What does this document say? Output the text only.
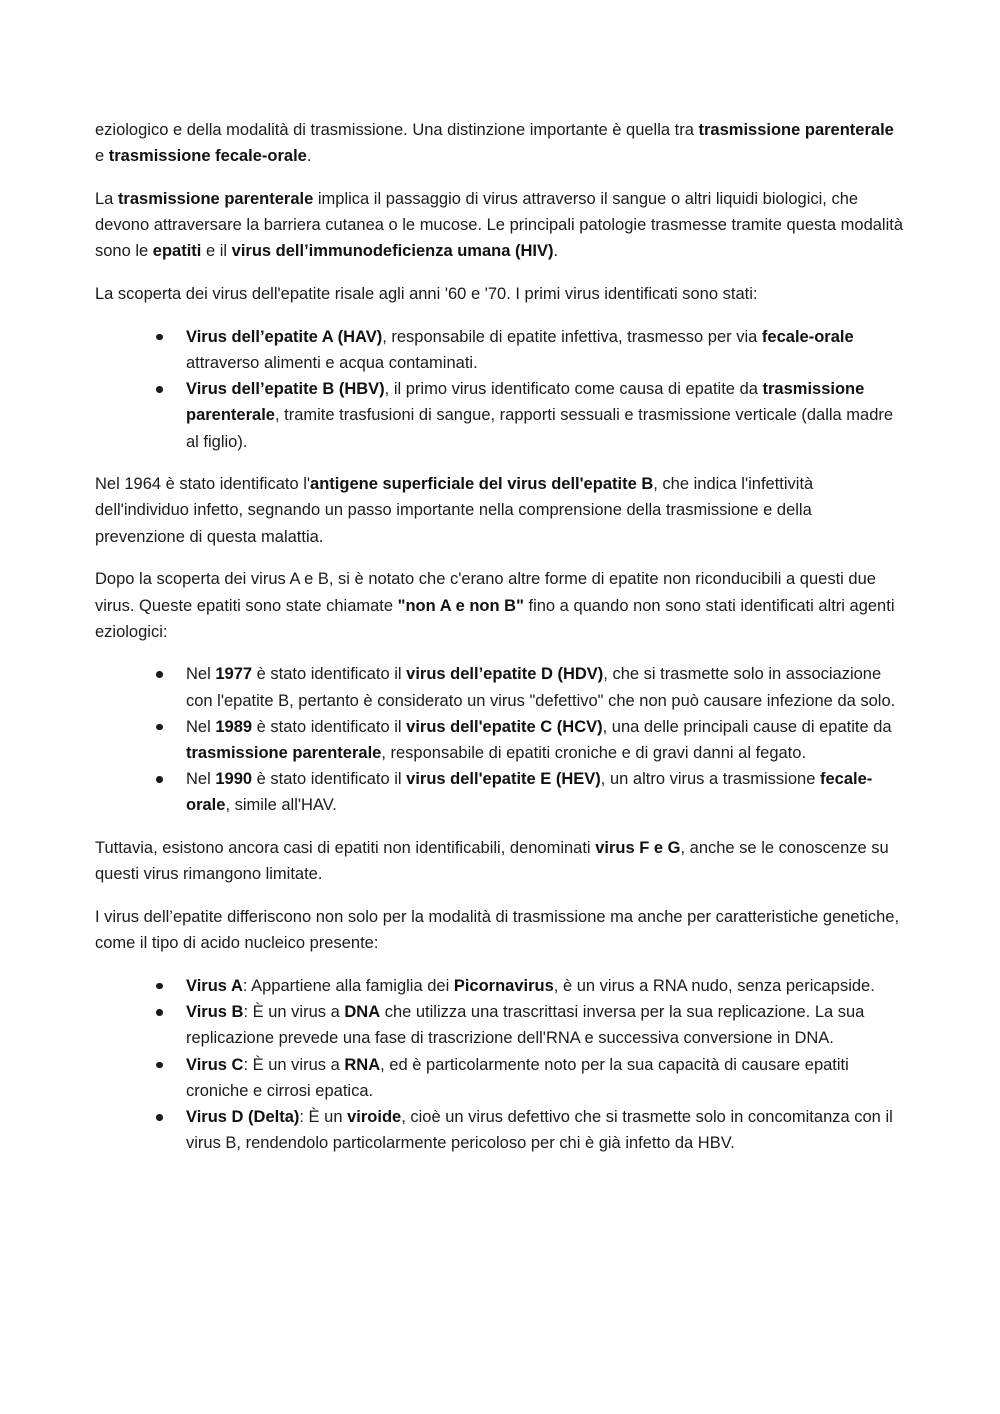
eziologico e della modalità di trasmissione. Una distinzione importante è quella tra trasmissione parenterale e trasmissione fecale-orale.

La trasmissione parenterale implica il passaggio di virus attraverso il sangue o altri liquidi biologici, che devono attraversare la barriera cutanea o le mucose. Le principali patologie trasmesse tramite questa modalità sono le epatiti e il virus dell’immunodeficienza umana (HIV).

La scoperta dei virus dell'epatite risale agli anni '60 e '70. I primi virus identificati sono stati:

Virus dell’epatite A (HAV), responsabile di epatite infettiva, trasmesso per via fecale-orale attraverso alimenti e acqua contaminati.
Virus dell’epatite B (HBV), il primo virus identificato come causa di epatite da trasmissione parenterale, tramite trasfusioni di sangue, rapporti sessuali e trasmissione verticale (dalla madre al figlio).

Nel 1964 è stato identificato l'antigene superficiale del virus dell'epatite B, che indica l'infettività dell'individuo infetto, segnando un passo importante nella comprensione della trasmissione e della prevenzione di questa malattia.

Dopo la scoperta dei virus A e B, si è notato che c'erano altre forme di epatite non riconducibili a questi due virus. Queste epatiti sono state chiamate "non A e non B" fino a quando non sono stati identificati altri agenti eziologici:

Nel 1977 è stato identificato il virus dell’epatite D (HDV), che si trasmette solo in associazione con l'epatite B, pertanto è considerato un virus "defettivo" che non può causare infezione da solo.
Nel 1989 è stato identificato il virus dell'epatite C (HCV), una delle principali cause di epatite da trasmissione parenterale, responsabile di epatiti croniche e di gravi danni al fegato.
Nel 1990 è stato identificato il virus dell'epatite E (HEV), un altro virus a trasmissione fecale-orale, simile all'HAV.

Tuttavia, esistono ancora casi di epatiti non identificabili, denominati virus F e G, anche se le conoscenze su questi virus rimangono limitate.

I virus dell’epatite differiscono non solo per la modalità di trasmissione ma anche per caratteristiche genetiche, come il tipo di acido nucleico presente:

Virus A: Appartiene alla famiglia dei Picornavirus, è un virus a RNA nudo, senza pericapside.
Virus B: È un virus a DNA che utilizza una trascrittasi inversa per la sua replicazione. La sua replicazione prevede una fase di trascrizione dell'RNA e successiva conversione in DNA.
Virus C: È un virus a RNA, ed è particolarmente noto per la sua capacità di causare epatiti croniche e cirrosi epatica.
Virus D (Delta): È un viroide, cioè un virus defettivo che si trasmette solo in concomitanza con il virus B, rendendolo particolarmente pericoloso per chi è già infetto da HBV.
